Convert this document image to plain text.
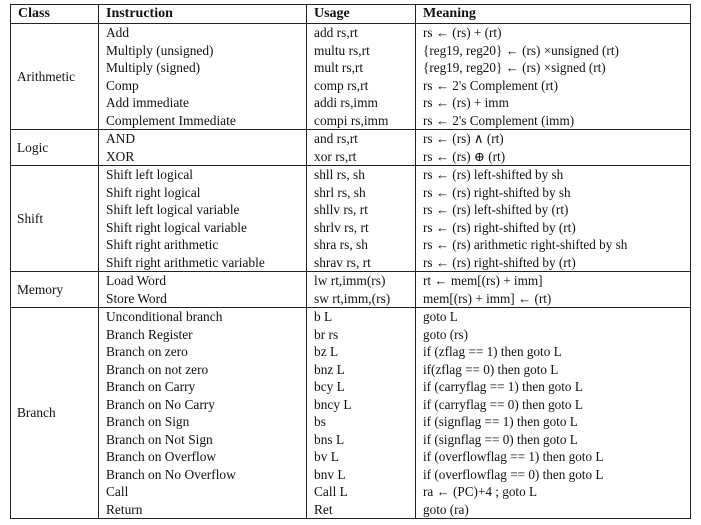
Class	Instruction	Usage	Meaning
Arithmetic	Add	add rs,rt	rs ← (rs) + (rt)
	Multiply (unsigned)	multu rs,rt	{reg19, reg20} ← (rs) ×unsigned (rt)
	Multiply (signed)	mult rs,rt	{reg19, reg20} ← (rs) ×signed (rt)
	Comp	comp rs,rt	rs ← 2's Complement (rt)
	Add immediate	addi rs,imm	rs ← (rs) + imm
	Complement Immediate	compi rs,imm	rs ← 2's Complement (imm)
Logic	AND	and rs,rt	rs ← (rs) ∧ (rt)
	XOR	xor rs,rt	rs ← (rs) ⊕ (rt)
Shift	Shift left logical	shll rs, sh	rs ← (rs) left-shifted by sh
	Shift right logical	shrl rs, sh	rs ← (rs) right-shifted by sh
	Shift left logical variable	shllv rs, rt	rs ← (rs) left-shifted by (rt)
	Shift right logical variable	shrlv rs, rt	rs ← (rs) right-shifted by (rt)
	Shift right arithmetic	shra rs, sh	rs ← (rs) arithmetic right-shifted by sh
	Shift right arithmetic variable	shrav rs, rt	rs ← (rs) right-shifted by (rt)
Memory	Load Word	lw rt,imm(rs)	rt ← mem[(rs) + imm]
	Store Word	sw rt,imm,(rs)	mem[(rs) + imm] ← (rt)
Branch	Unconditional branch	b L	goto L
	Branch Register	br rs	goto (rs)
	Branch on zero	bz L	if (zflag == 1) then goto L
	Branch on not zero	bnz L	if(zflag == 0) then goto L
	Branch on Carry	bcy L	if (carryflag == 1) then goto L
	Branch on No Carry	bncy L	if (carryflag == 0) then goto L
	Branch on Sign	bs	if (signflag == 1) then goto L
	Branch on Not Sign	bns L	if (signflag == 0) then goto L
	Branch on Overflow	bv L	if (overflowflag == 1) then goto L
	Branch on No Overflow	bnv L	if (overflowflag == 0) then goto L
	Call	Call L	ra ← (PC)+4 ; goto L
	Return	Ret	goto (ra)
